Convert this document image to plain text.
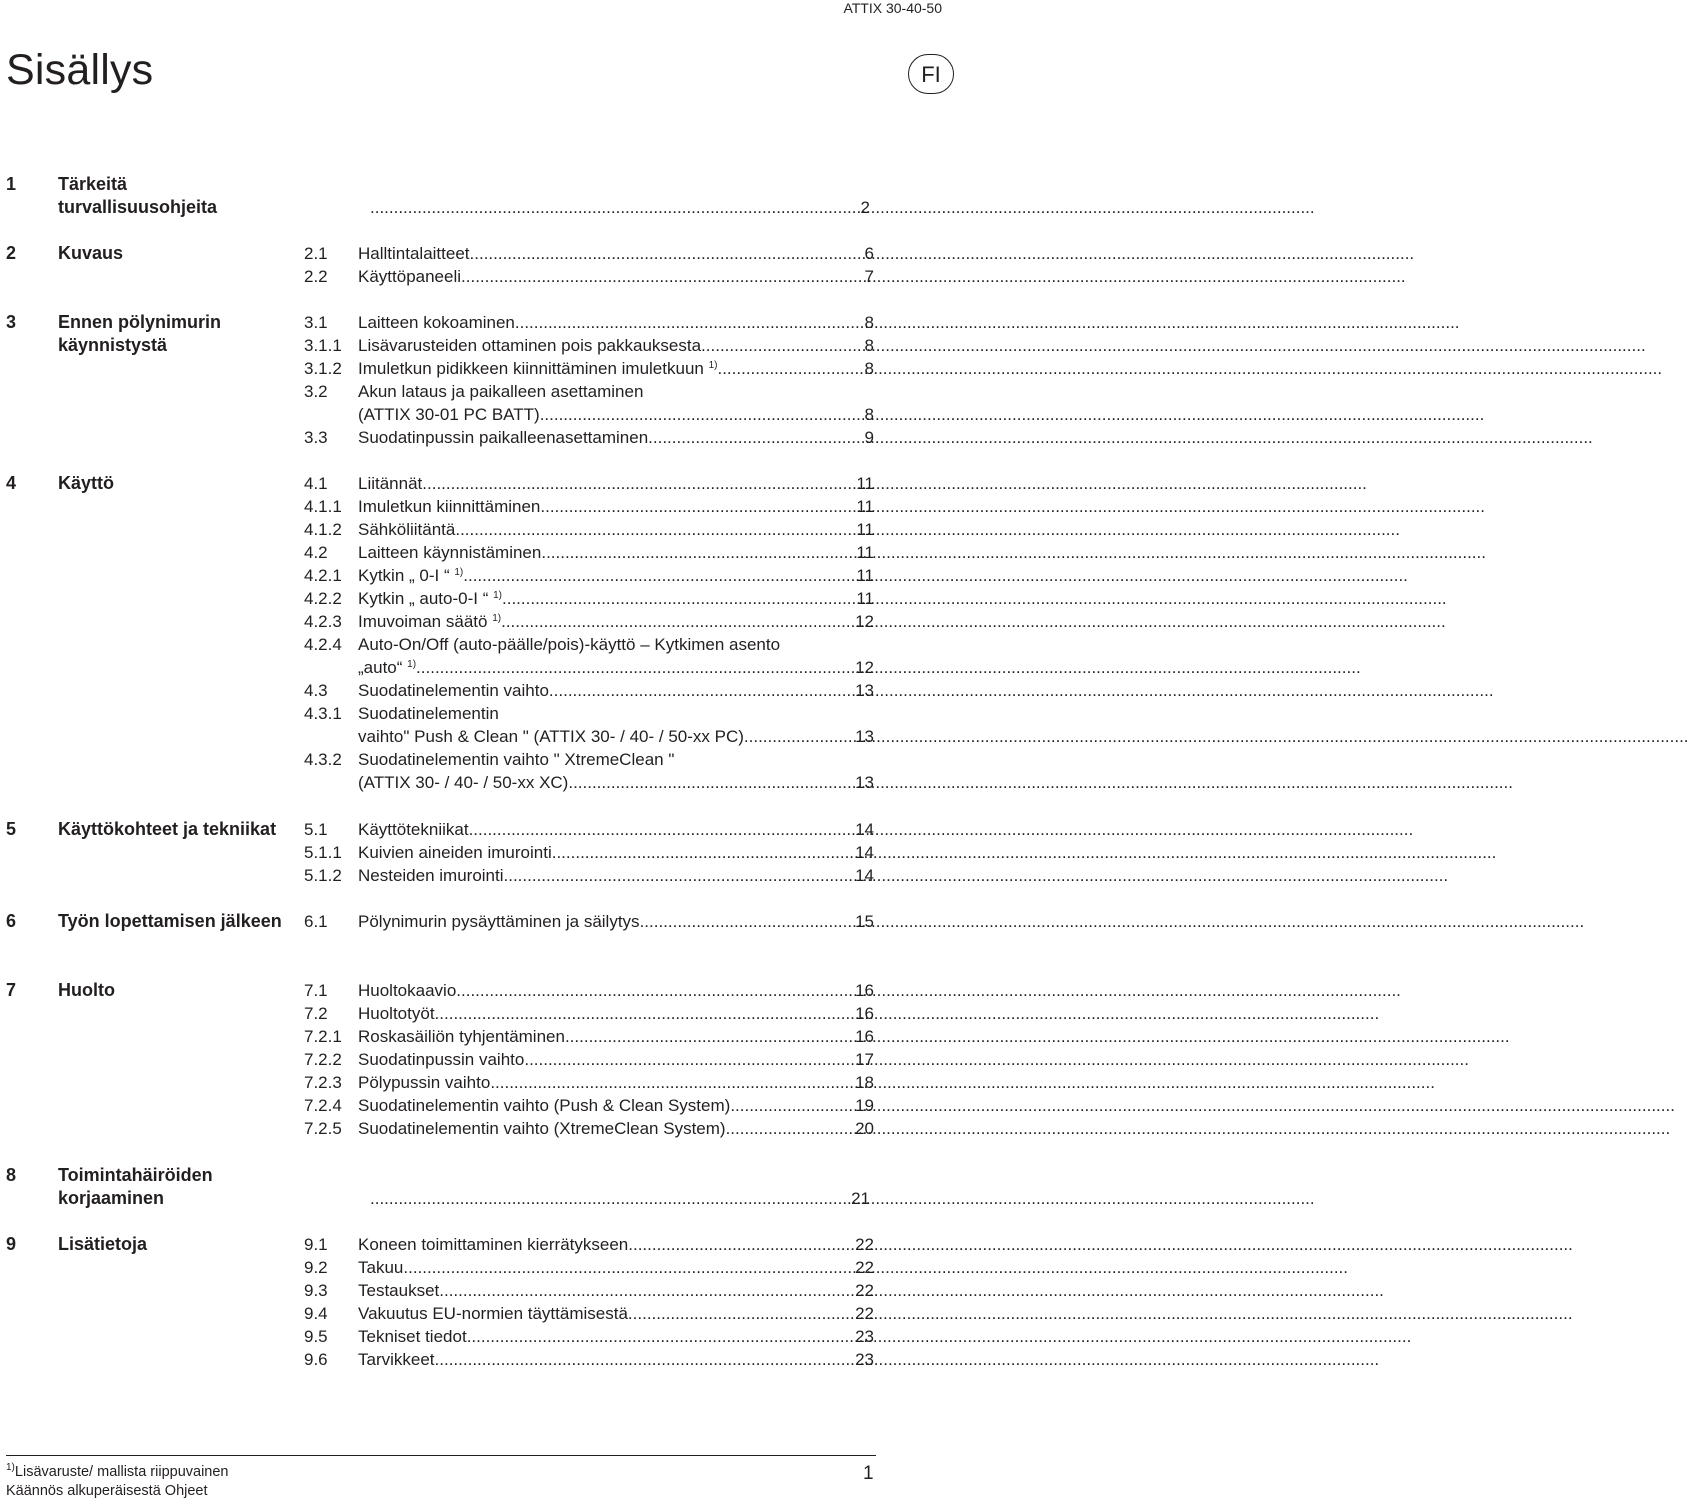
ATTIX 30-40-50
Sisällys	FI
1 Tärkeitä turvallisuusohjeita .....	2
2 Kuvaus	2.1	Halltintalaitteet .....	6
2.2	Käyttöpaneeli .....	7
3 Ennen pölynimurin käynnistystä
3.1	Laitteen kokoaminen .....	8
3.1.1 Lisävarusteiden ottaminen pois pakkauksesta .....	8
3.1.2 Imuletkun pidikkeen kiinnittäminen imuletkuun $^{1)}$ .....	8
3.2	Akun lataus ja paikalleen asettaminen
(ATTIX 30-01 PC BATT) .....	8
3.3	Suodatinpussin paikalleenasettaminen .....	9
4 Käyttö	4.1	Liitännät .....	11
4.1.1 Imuletkun kiinnittäminen .....	11
4.1.2 Sähköliitäntä .....	11
4.2	Laitteen käynnistäminen .....	11
4.2.1 Kytkin „ 0-I “ $^{1)}$ .....	11
4.2.2 Kytkin „ auto-0-I “ $^{1)}$ .....	11
4.2.3 Imuvoiman säätö $^{1)}$ .....	12
4.2.4 Auto-On/Off (auto-päälle/pois)-käyttö – Kytkimen asento
„auto“ $^{1)}$ .....	12
4.3	Suodatinelementin vaihto .....	13
4.3.1 Suodatinelementin
vaihto" Push & Clean " (ATTIX 30- / 40- / 50-xx PC) .....	13
4.3.2 Suodatinelementin vaihto " XtremeClean "
(ATTIX 30- / 40- / 50-xx XC) .....	13
5 Käyttökohteet ja tekniikat	5.1	Käyttötekniikat .....	14
5.1.1 Kuivien aineiden imurointi .....	14
5.1.2 Nesteiden imurointi .....	14
6 Työn lopettamisen jälkeen	6.1	Pölynimurin pysäyttäminen ja säilytys .....	15
7 Huolto	7.1	Huoltokaavio .....	16
7.2	Huoltotyöt .....	16
7.2.1 Roskasäiliön tyhjentäminen .....	16
7.2.2 Suodatinpussin vaihto .....	17
7.2.3 Pölypussin vaihto .....	18
7.2.4 Suodatinelementin vaihto (Push & Clean System) .....	19
7.2.5 Suodatinelementin vaihto (XtremeClean System) .....	20
8 Toimintahäiröiden korjaaminen .....	21
9 Lisätietoja	9.1	Koneen toimittaminen kierrätykseen .....	22
9.2	Takuu .....	22
9.3	Testaukset .....	22
9.4	Vakuutus EU-normien täyttämisestä .....	22
9.5	Tekniset tiedot .....	23
9.6	Tarvikkeet .....	23
$^{1)}$Lisävaruste/ mallista riippuvainen
Käännös alkuperäisestä Ohjeet
1
